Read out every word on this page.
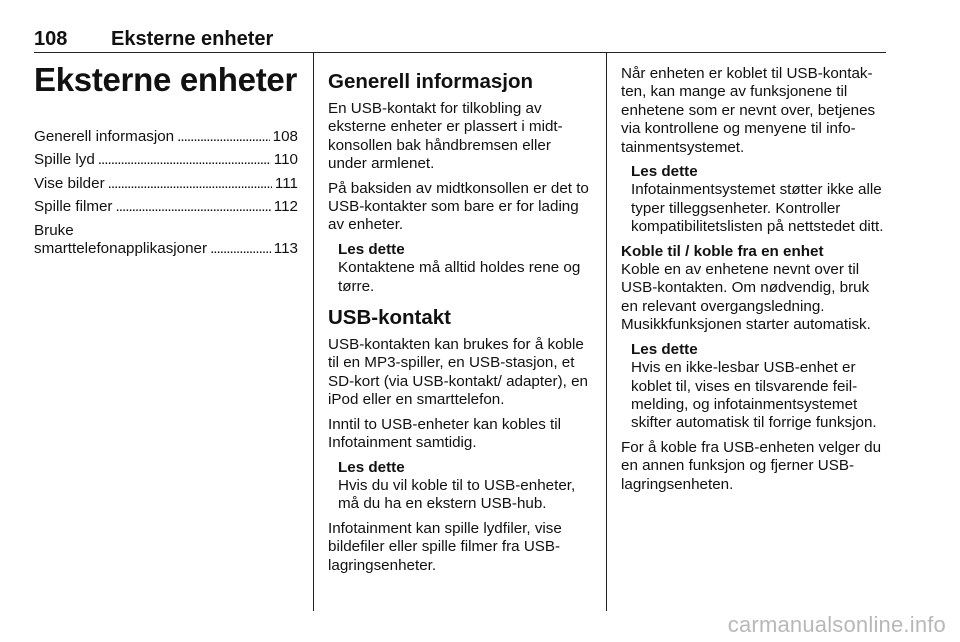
108 Eksterne enheter
Eksterne enheter
Generell informasjon . . .	108
Spille lyd . . .	110
Vise bilder . . .	111
Spille filmer . . .	112
Bruke
smarttelefonapplikasjoner . . .	113
Generell informasjon

En USB-kontakt for tilkobling av eksterne enheter er plassert i midtkonsollen bak håndbremsen eller under armlenet.

På baksiden av midtkonsollen er det to USB-kontakter som bare er for lading av enheter.

Les dette
Kontaktene må alltid holdes rene og tørre.
USB-kontakt

USB-kontakten kan brukes for å koble til en MP3-spiller, en USB-stasjon, et SD-kort (via USB-kontakt/ adapter), en iPod eller en smarttelefon.

Inntil to USB-enheter kan kobles til Infotainment samtidig.

Les dette
Hvis du vil koble til to USB-enheter, må du ha en ekstern USB-hub.

Infotainment kan spille lydfiler, vise bildefiler eller spille filmer fra USB-lagringsenheter.

Når enheten er koblet til USB-kontakten, kan mange av funksjonene til enhetene som er nevnt over, betjenes via kontrollene og menyene til infotainmentsystemet.

Les dette
Infotainmentsystemet støtter ikke alle typer tilleggsenheter. Kontroller kompatibilitetslisten på nettstedet ditt.
Koble til / koble fra en enhet

Koble en av enhetene nevnt over til USB-kontakten. Om nødvendig, bruk en relevant overgangsledning.

Musikkfunksjonen starter automatisk.

Les dette
Hvis en ikke-lesbar USB-enhet er koblet til, vises en tilsvarende feilmelding, og infotainmentsystemet skifter automatisk til forrige funksjon.

For å koble fra USB-enheten velger du en annen funksjon og fjerner USB-lagringsenheten.

carmanualsonline.info
